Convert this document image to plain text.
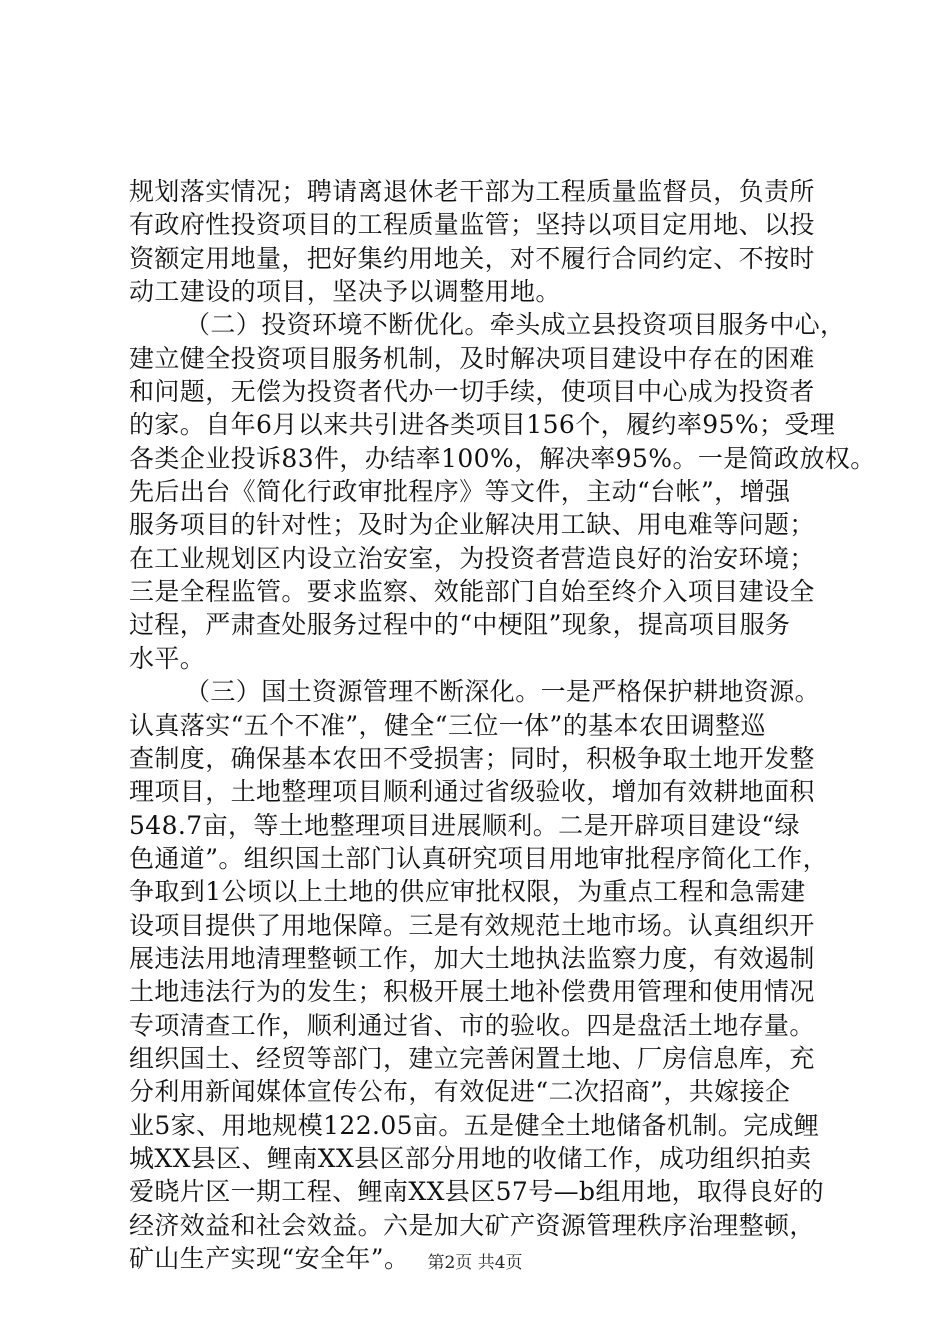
规划落实情况；聘请离退休老干部为工程质量监督员，负责所
有政府性投资项目的工程质量监管；坚持以项目定用地、以投
资额定用地量，把好集约用地关，对不履行合同约定、不按时
动工建设的项目，坚决予以调整用地。
（二）投资环境不断优化。牵头成立县投资项目服务中心，
建立健全投资项目服务机制，及时解决项目建设中存在的困难
和问题，无偿为投资者代办一切手续，使项目中心成为投资者
的家。自年6月以来共引进各类项目156个，履约率95%；受理
各类企业投诉83件，办结率100%，解决率95%。一是简政放权。
先后出台《简化行政审批程序》等文件，主动“台帐”，增强
服务项目的针对性；及时为企业解决用工缺、用电难等问题；
在工业规划区内设立治安室，为投资者营造良好的治安环境；
三是全程监管。要求监察、效能部门自始至终介入项目建设全
过程，严肃查处服务过程中的“中梗阻”现象，提高项目服务
水平。
（三）国土资源管理不断深化。一是严格保护耕地资源。
认真落实“五个不准”，健全“三位一体”的基本农田调整巡
查制度，确保基本农田不受损害；同时，积极争取土地开发整
理项目，土地整理项目顺利通过省级验收，增加有效耕地面积
548.7亩，等土地整理项目进展顺利。二是开辟项目建设“绿
色通道”。组织国土部门认真研究项目用地审批程序简化工作，
争取到1公顷以上土地的供应审批权限，为重点工程和急需建
设项目提供了用地保障。三是有效规范土地市场。认真组织开
展违法用地清理整顿工作，加大土地执法监察力度，有效遏制
土地违法行为的发生；积极开展土地补偿费用管理和使用情况
专项清查工作，顺利通过省、市的验收。四是盘活土地存量。
组织国土、经贸等部门，建立完善闲置土地、厂房信息库，充
分利用新闻媒体宣传公布，有效促进“二次招商”，共嫁接企
业5家、用地规模122.05亩。五是健全土地储备机制。完成鲤
城XX县区、鲤南XX县区部分用地的收储工作，成功组织拍卖
爱晓片区一期工程、鲤南XX县区57号—b组用地，取得良好的
经济效益和社会效益。六是加大矿产资源管理秩序治理整顿，
矿山生产实现“安全年”。	第2页 共4页
